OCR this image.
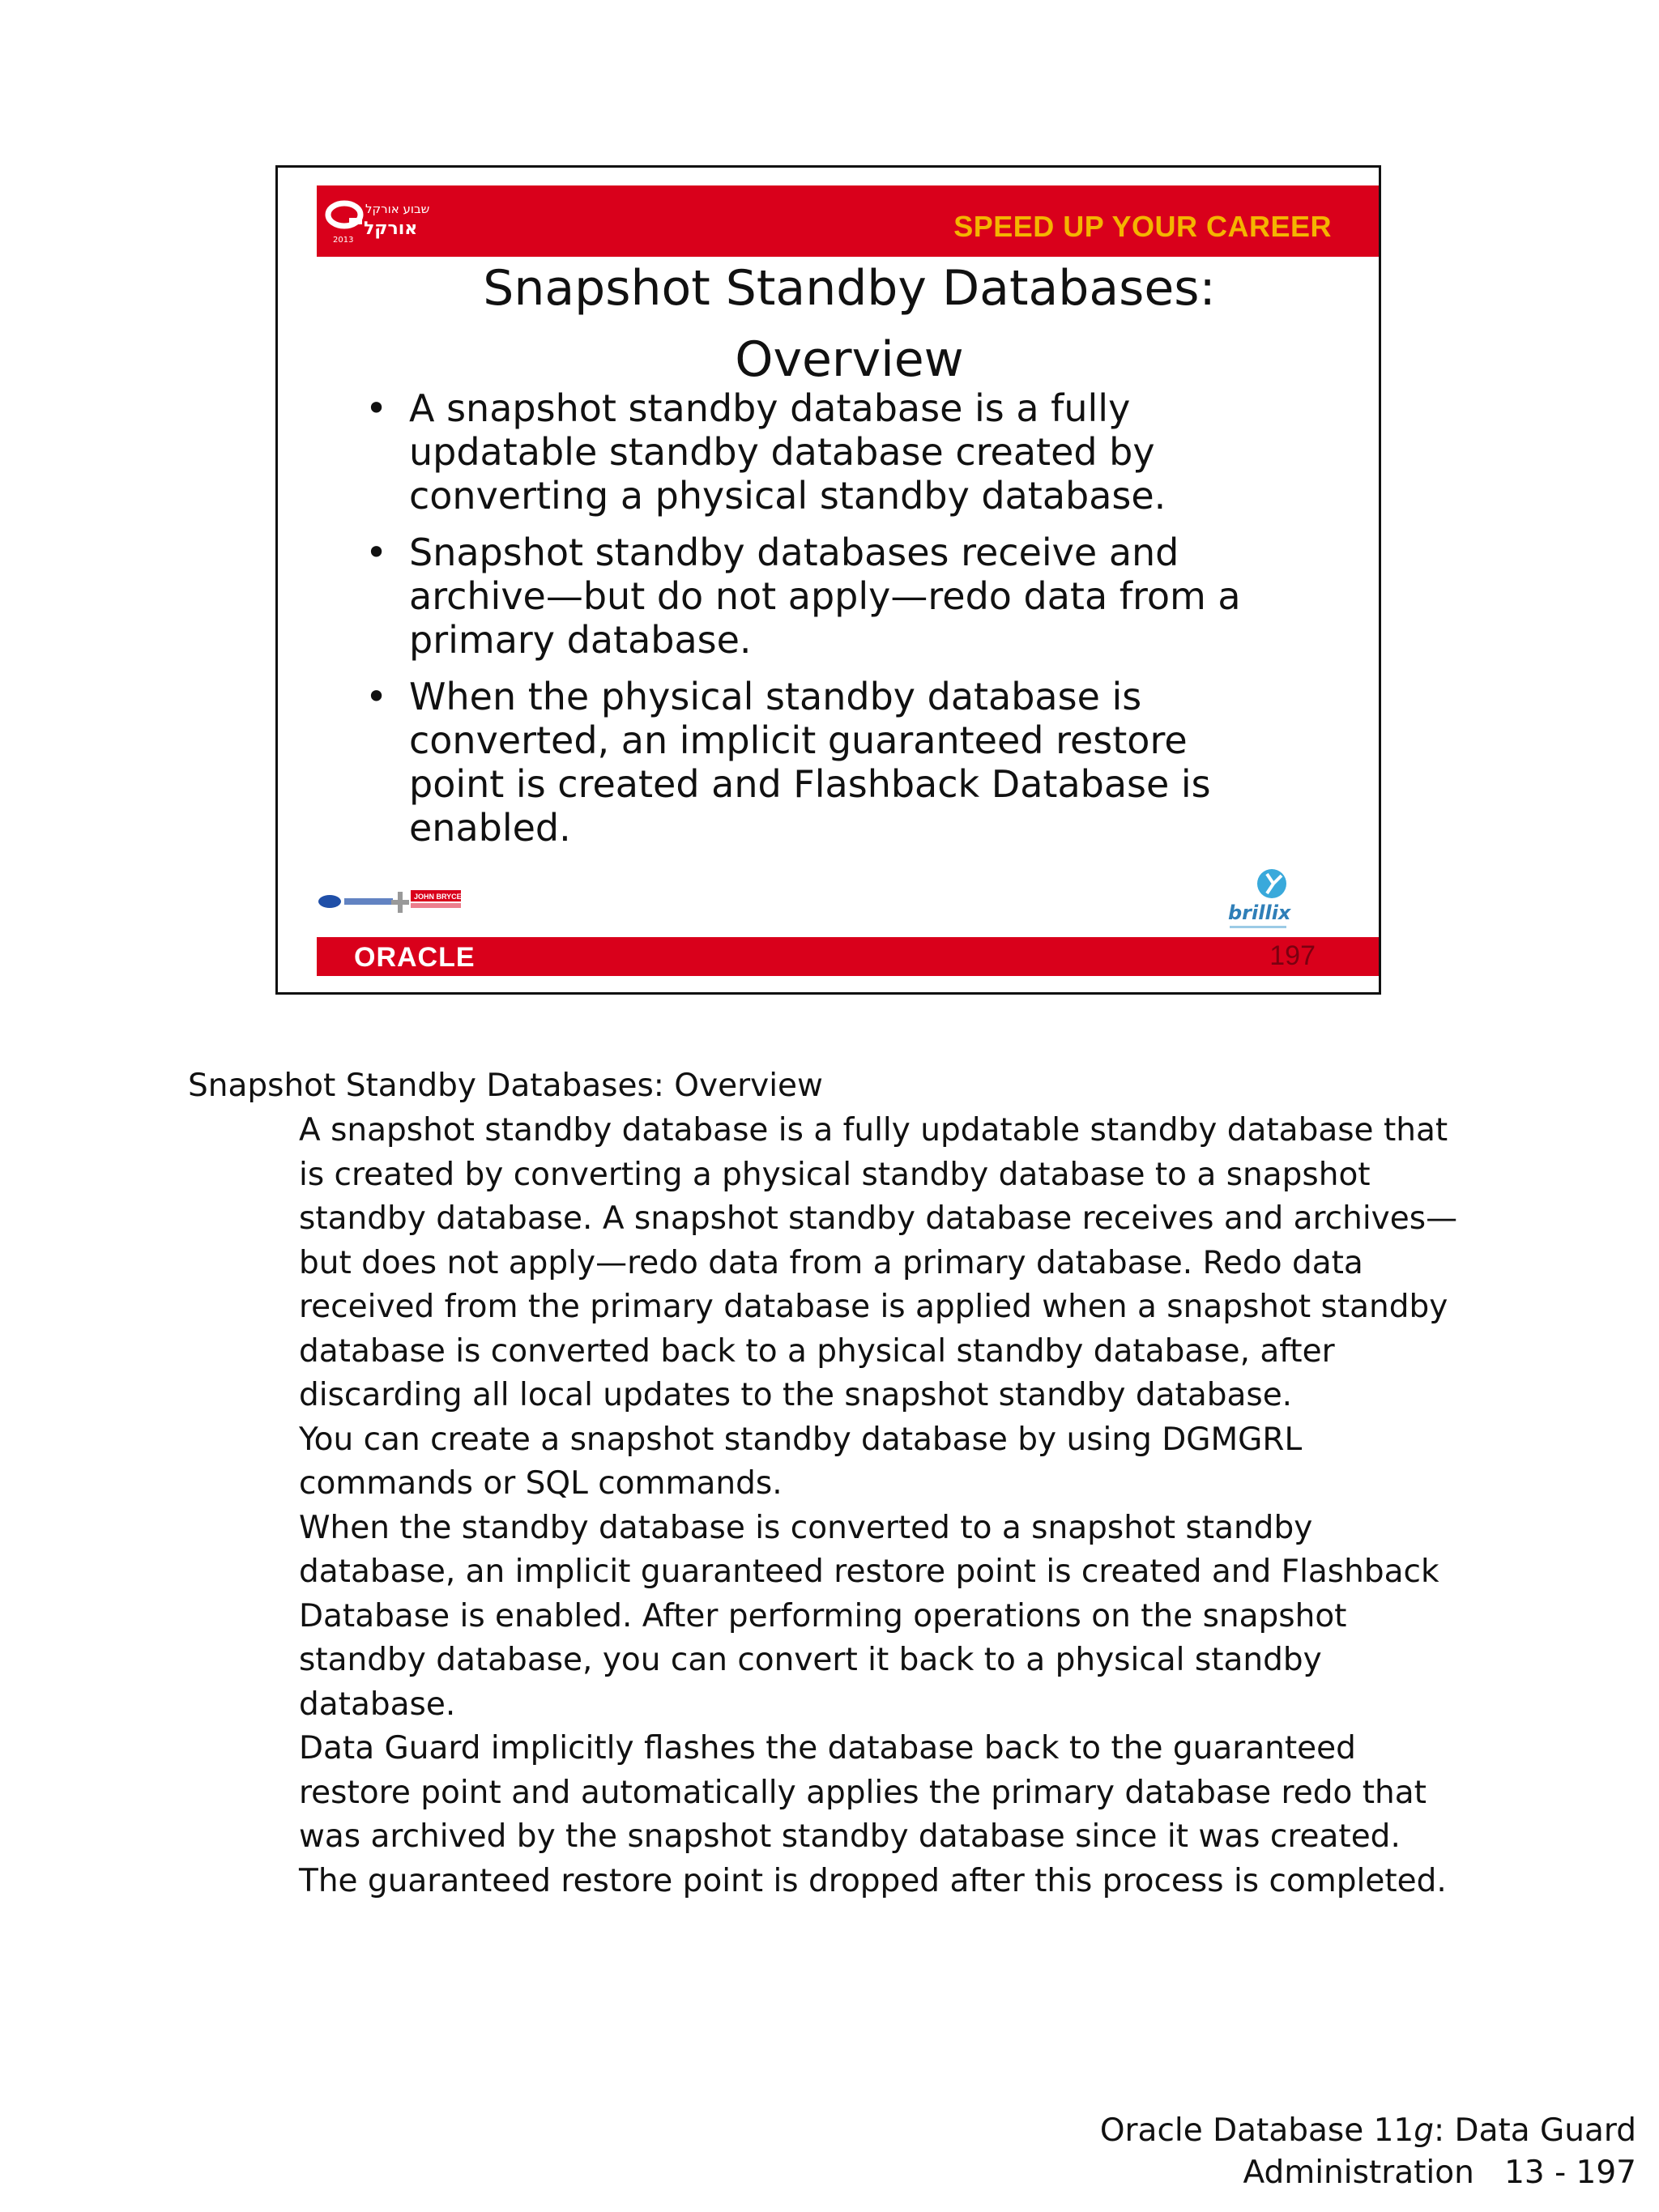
שבוע אורקל
אורקל
2013	SPEED UP YOUR CAREER
Snapshot Standby Databases:
Overview
• A snapshot standby database is a fully updatable standby database created by converting a physical standby database.
• Snapshot standby databases receive and archive—but do not apply—redo data from a primary database.
• When the physical standby database is converted, an implicit guaranteed restore point is created and Flashback Database is enabled.
JOHN BRYCE
brillix
ORACLE	197
Snapshot Standby Databases: Overview

A snapshot standby database is a fully updatable standby database that is created by converting a physical standby database to a snapshot standby database. A snapshot standby database receives and archives—but does not apply—redo data from a primary database. Redo data received from the primary database is applied when a snapshot standby database is converted back to a physical standby database, after discarding all local updates to the snapshot standby database.

You can create a snapshot standby database by using DGMGRL commands or SQL commands.

When the standby database is converted to a snapshot standby database, an implicit guaranteed restore point is created and Flashback Database is enabled. After performing operations on the snapshot standby database, you can convert it back to a physical standby database.

Data Guard implicitly flashes the database back to the guaranteed restore point and automatically applies the primary database redo that was archived by the snapshot standby database since it was created. The guaranteed restore point is dropped after this process is completed.

Oracle Database 11g: Data Guard
Administration 13 - 197
